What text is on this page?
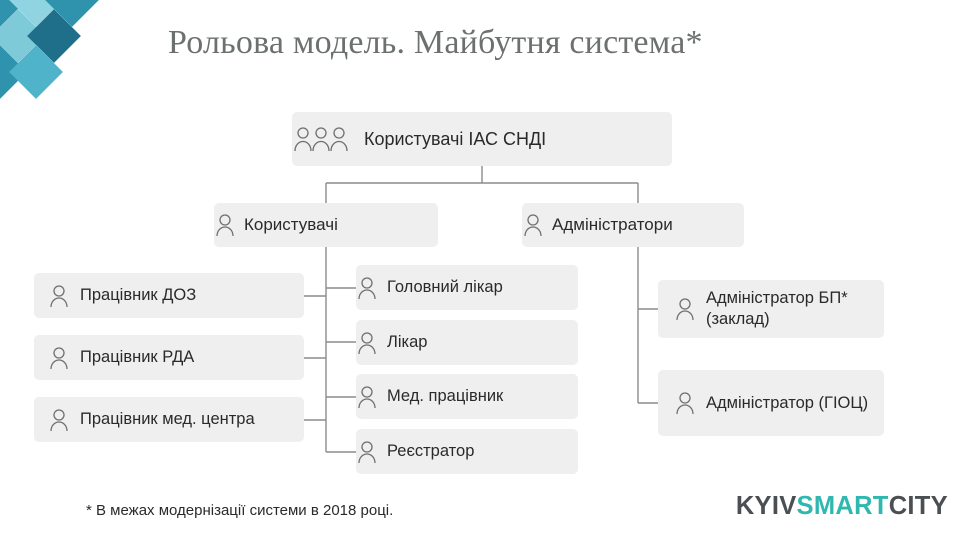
Рольова модель. Майбутня система*
Користувачі ІАС СНДІ
Користувачі	Адміністратори
Працівник ДОЗ
Працівник РДА
Працівник мед. центра
Головний лікар
Лікар
Мед. працівник
Реєстратор
Адміністратор БП* (заклад)
Адміністратор (ГІОЦ)
* В межах модернізації системи в 2018 році.	KYIVSMARTCITY
